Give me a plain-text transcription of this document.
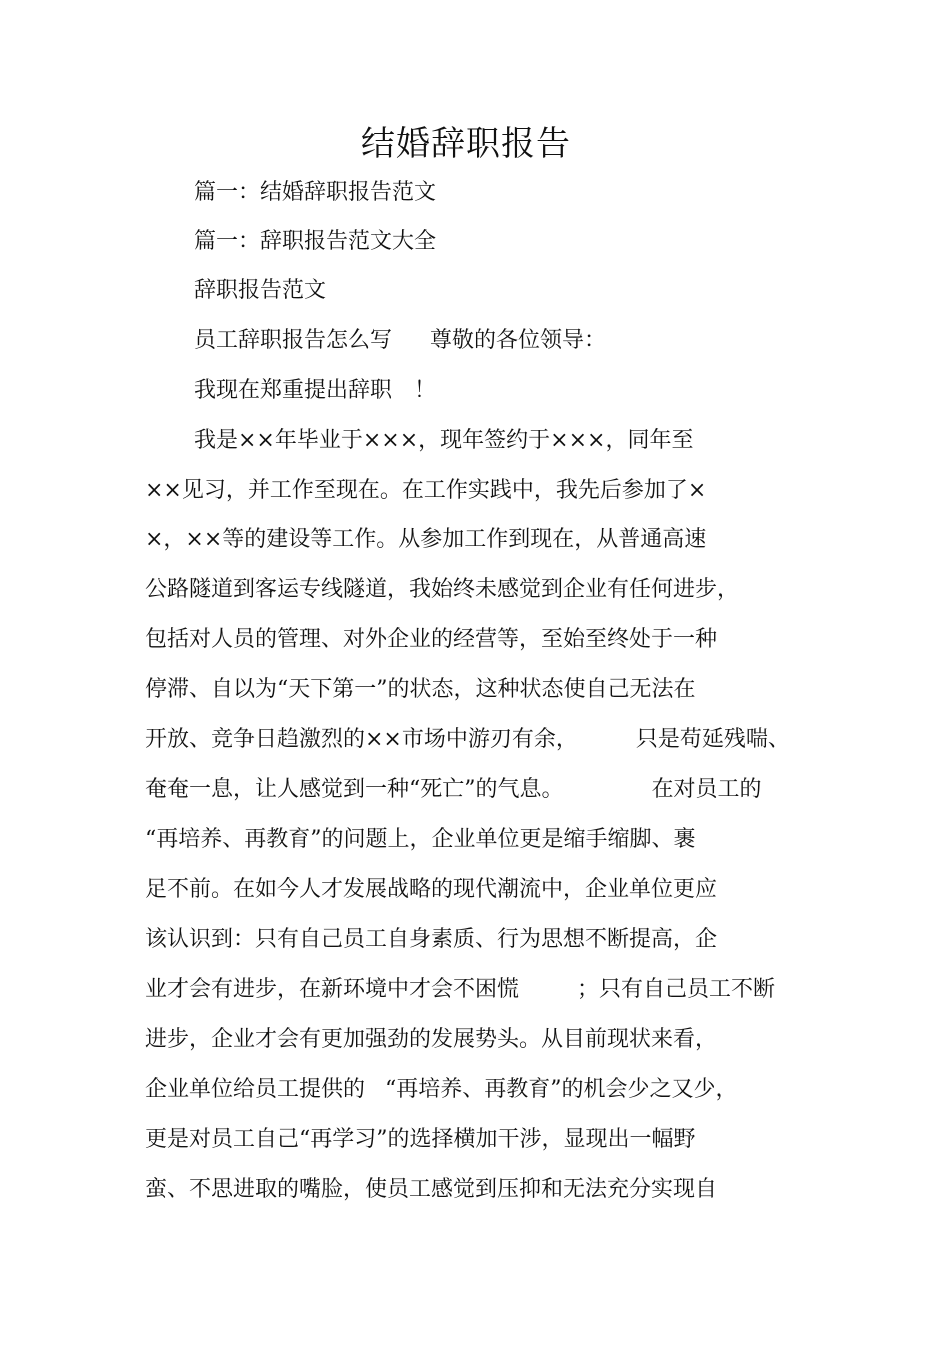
结婚辞职报告

篇一：结婚辞职报告范文

篇一：辞职报告范文大全

辞职报告范文

员工辞职报告怎么写 尊敬的各位领导：

我现在郑重提出辞职 ！

我是××年毕业于×××，现年签约于×××，同年至

××见习，并工作至现在。在工作实践中，我先后参加了×

×，××等的建设等工作。从参加工作到现在，从普通高速

公路隧道到客运专线隧道，我始终未感觉到企业有任何进步，

包括对人员的管理、对外企业的经营等，至始至终处于一种

停滞、自以为“天下第一”的状态，这种状态使自己无法在

开放、竞争日趋激烈的××市场中游刃有余，	只是苟延残喘、

奄奄一息，让人感觉到一种“死亡”的气息。	在对员工的

“再培养、再教育”的问题上，企业单位更是缩手缩脚、裹

足不前。在如今人才发展战略的现代潮流中，企业单位更应

该认识到：只有自己员工自身素质、行为思想不断提高，企

业才会有进步，在新环境中才会不困慌	；只有自己员工不断

进步，企业才会有更加强劲的发展势头。从目前现状来看，

企业单位给员工提供的 “再培养、再教育”的机会少之又少，

更是对员工自己“再学习”的选择横加干涉，显现出一幅野

蛮、不思进取的嘴脸，使员工感觉到压抑和无法充分实现自
